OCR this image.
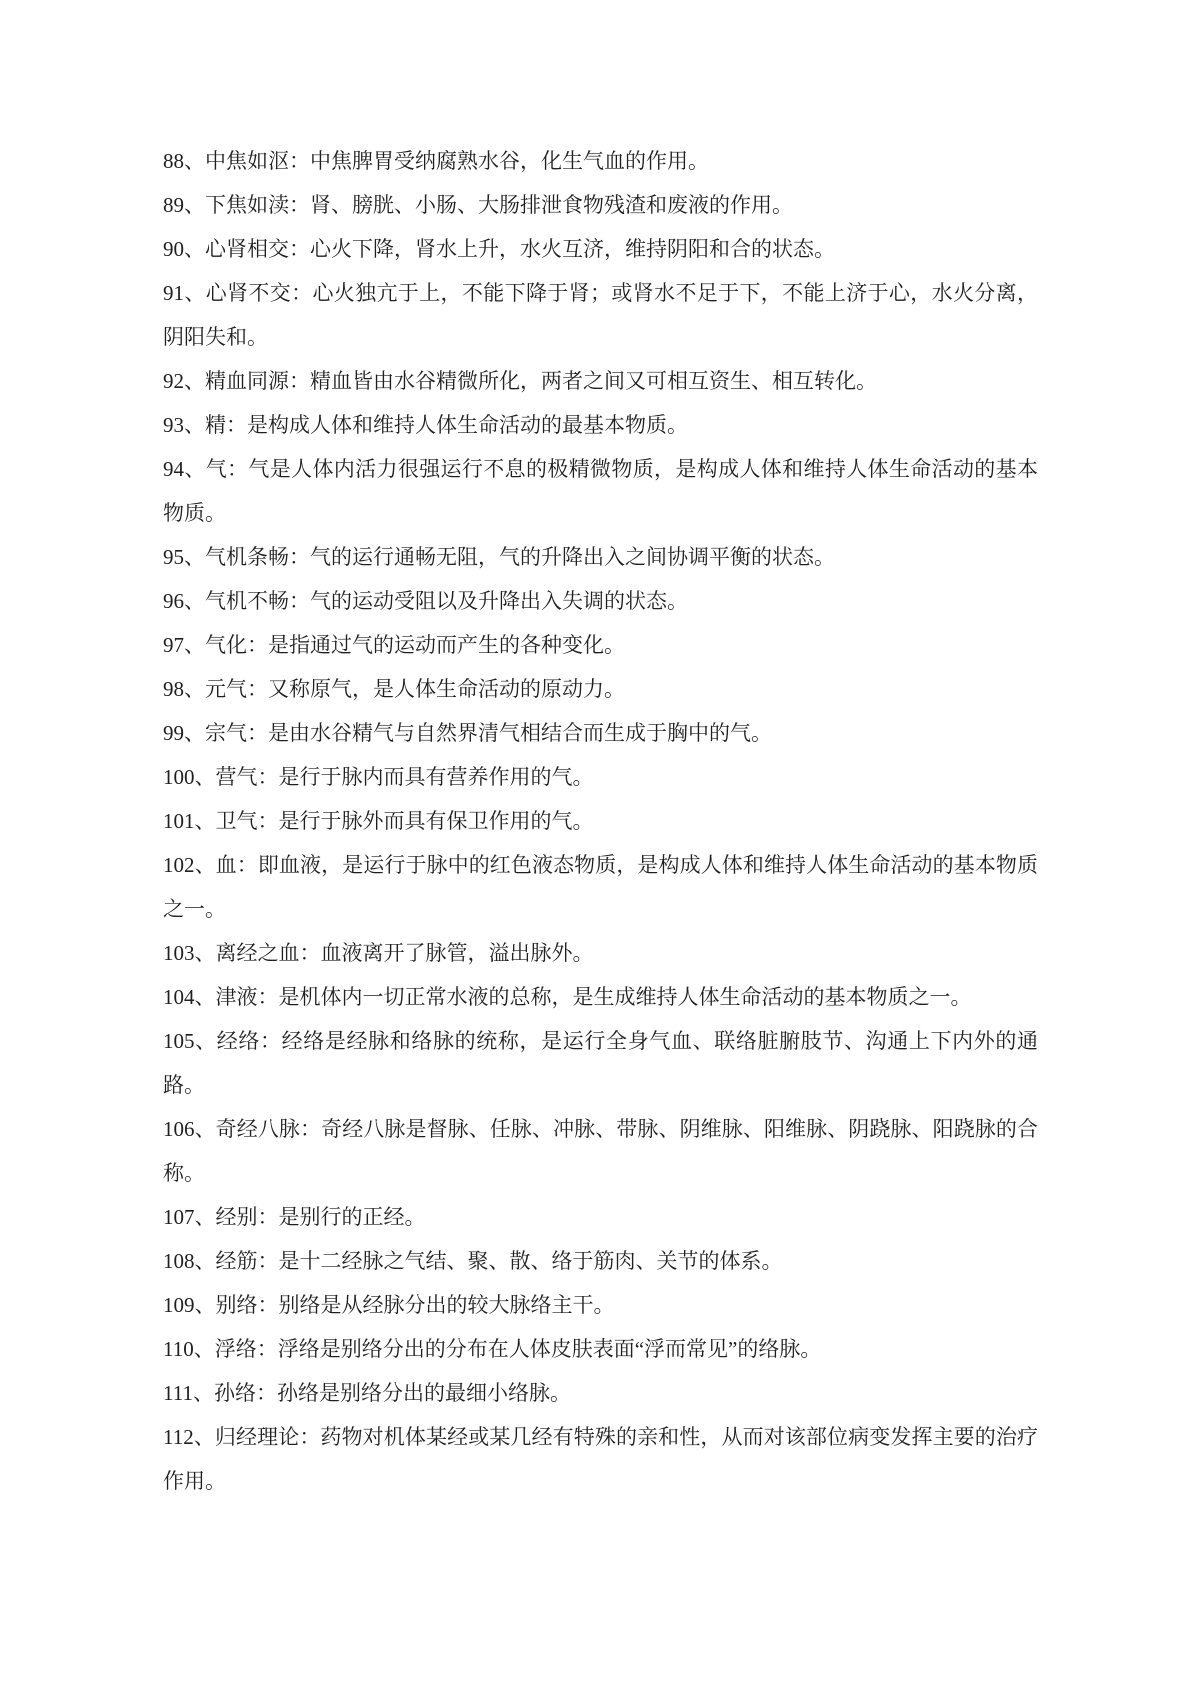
88、中焦如沤：中焦脾胃受纳腐熟水谷，化生气血的作用。

89、下焦如渎：肾、膀胱、小肠、大肠排泄食物残渣和废液的作用。

90、心肾相交：心火下降，肾水上升，水火互济，维持阴阳和合的状态。

91、心肾不交：心火独亢于上，不能下降于肾；或肾水不足于下，不能上济于心，水火分离，阴阳失和。

92、精血同源：精血皆由水谷精微所化，两者之间又可相互资生、相互转化。

93、精：是构成人体和维持人体生命活动的最基本物质。

94、气：气是人体内活力很强运行不息的极精微物质，是构成人体和维持人体生命活动的基本物质。

95、气机条畅：气的运行通畅无阻，气的升降出入之间协调平衡的状态。

96、气机不畅：气的运动受阻以及升降出入失调的状态。

97、气化：是指通过气的运动而产生的各种变化。

98、元气：又称原气，是人体生命活动的原动力。

99、宗气：是由水谷精气与自然界清气相结合而生成于胸中的气。

100、营气：是行于脉内而具有营养作用的气。

101、卫气：是行于脉外而具有保卫作用的气。

102、血：即血液，是运行于脉中的红色液态物质，是构成人体和维持人体生命活动的基本物质之一。

103、离经之血：血液离开了脉管，溢出脉外。

104、津液：是机体内一切正常水液的总称，是生成维持人体生命活动的基本物质之一。

105、经络：经络是经脉和络脉的统称，是运行全身气血、联络脏腑肢节、沟通上下内外的通路。

106、奇经八脉：奇经八脉是督脉、任脉、冲脉、带脉、阴维脉、阳维脉、阴跷脉、阳跷脉的合称。

107、经别：是别行的正经。

108、经筋：是十二经脉之气结、聚、散、络于筋肉、关节的体系。

109、别络：别络是从经脉分出的较大脉络主干。

110、浮络：浮络是别络分出的分布在人体皮肤表面“浮而常见”的络脉。

111、孙络：孙络是别络分出的最细小络脉。

112、归经理论：药物对机体某经或某几经有特殊的亲和性，从而对该部位病变发挥主要的治疗作用。
